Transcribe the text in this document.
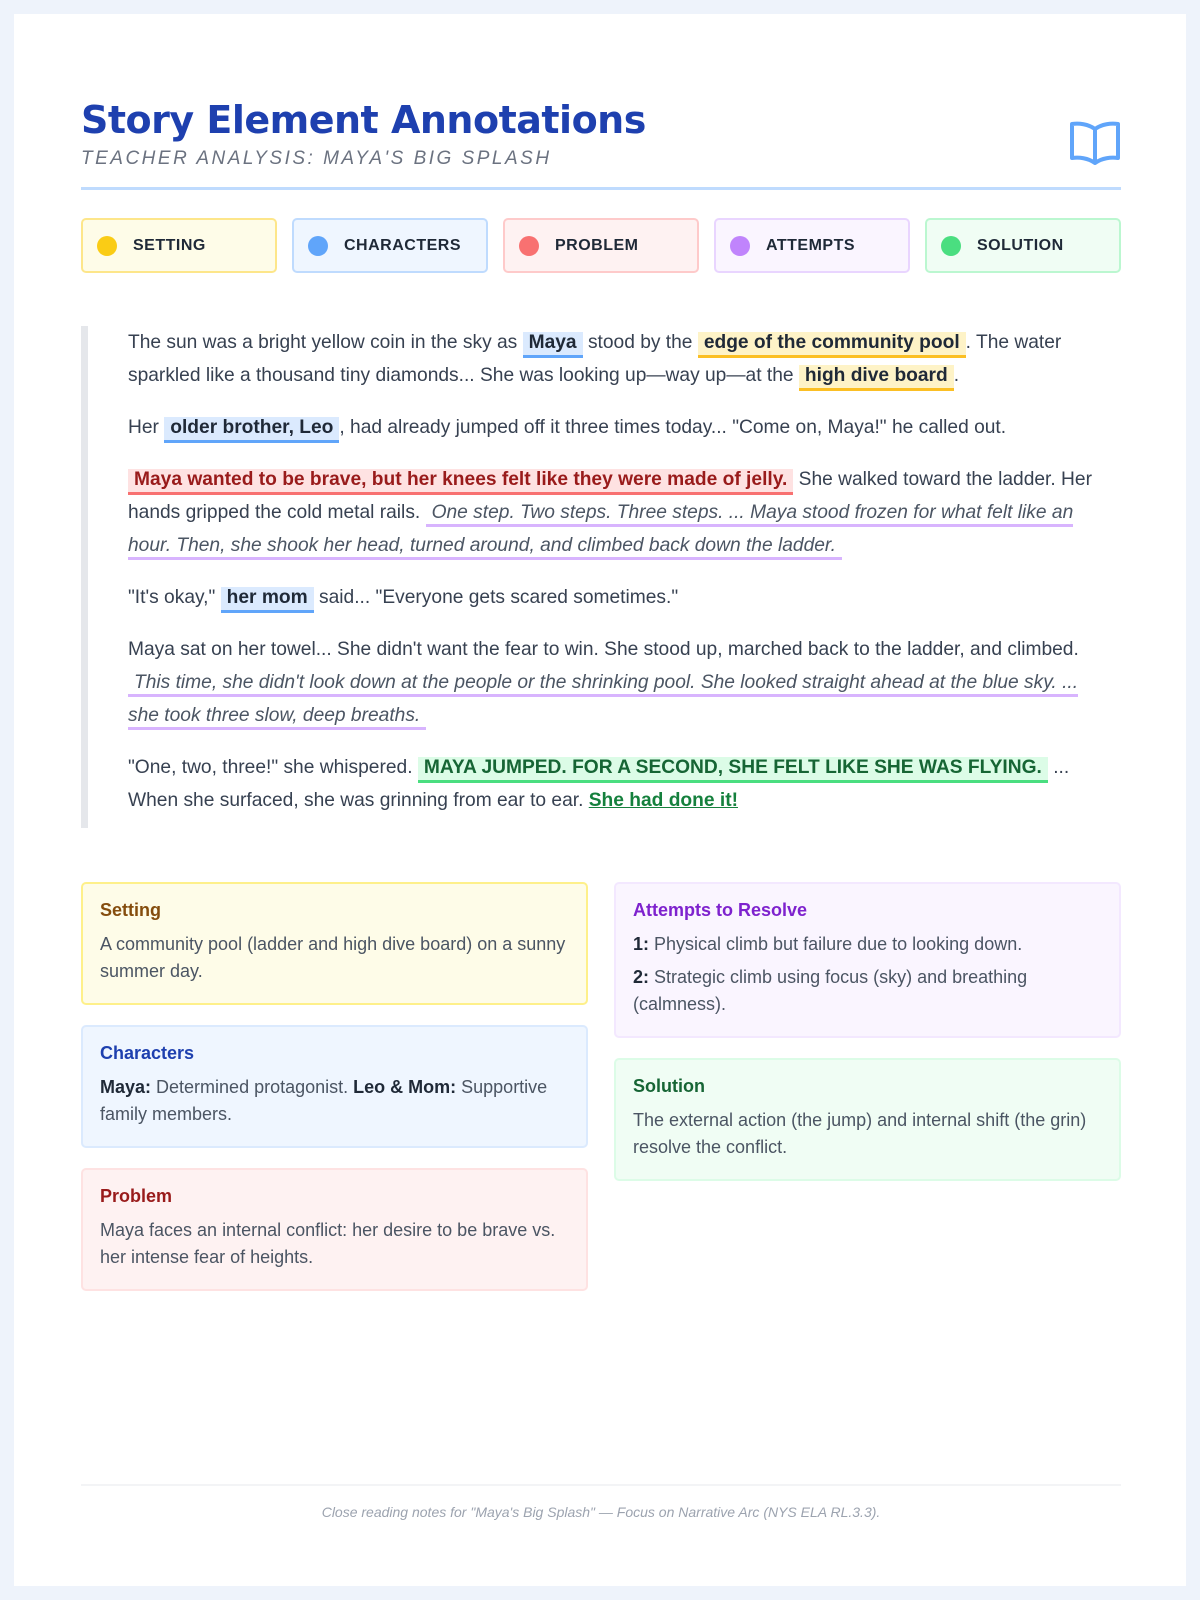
Story Element Annotations
TEACHER ANALYSIS: MAYA'S BIG SPLASH
SETTING	CHARACTERS	PROBLEM	ATTEMPTS	SOLUTION

The sun was a bright yellow coin in the sky as Maya stood by the edge of the community pool . The water sparkled like a thousand tiny diamonds... She was looking up—way up—at the high dive board .

Her older brother, Leo , had already jumped off it three times today... "Come on, Maya!" he called out.

Maya wanted to be brave, but her knees felt like they were made of jelly. She walked toward the ladder. Her hands gripped the cold metal rails. One step. Two steps. Three steps. ... Maya stood frozen for what felt like an hour. Then, she shook her head, turned around, and climbed back down the ladder.

"It's okay," her mom said... "Everyone gets scared sometimes."

Maya sat on her towel... She didn't want the fear to win. She stood up, marched back to the ladder, and climbed. This time, she didn't look down at the people or the shrinking pool. She looked straight ahead at the blue sky. ... she took three slow, deep breaths.

"One, two, three!" she whispered. MAYA JUMPED. FOR A SECOND, SHE FELT LIKE SHE WAS FLYING. ... When she surfaced, she was grinning from ear to ear. She had done it!

Setting
A community pool (ladder and high dive board) on a sunny summer day.
Characters
Maya: Determined protagonist. Leo & Mom: Supportive family members.
Problem
Maya faces an internal conflict: her desire to be brave vs. her intense fear of heights.
Attempts to Resolve
1: Physical climb but failure due to looking down.
2: Strategic climb using focus (sky) and breathing (calmness).
Solution
The external action (the jump) and internal shift (the grin) resolve the conflict.
Close reading notes for "Maya's Big Splash" — Focus on Narrative Arc (NYS ELA RL.3.3).
